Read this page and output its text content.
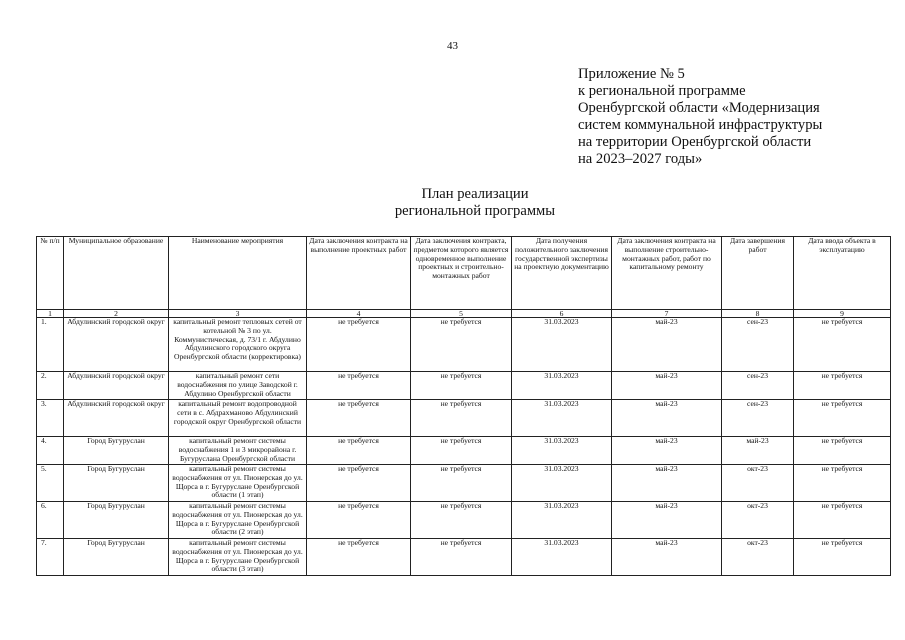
43
Приложение № 5
к региональной программе
Оренбургской области «Модернизация
систем коммунальной инфраструктуры
на территории Оренбургской области
на 2023–2027 годы»
План реализации
региональной программы
№ п/п	Муниципальное образование	Наименование мероприятия	Дата заключения контракта на выполнение проектных работ	Дата заключения контракта, предметом которого является одновременное выполнение проектных и строительно-монтажных работ	Дата получения положительного заключения государственной экспертизы на проектную документацию	Дата заключения контракта на выполнение строительно-монтажных работ, работ по капитальному ремонту	Дата завершения работ	Дата ввода объекта в эксплуатацию
1	2	3	4	5	6	7	8	9
1.	Абдулинский городской округ	капитальный ремонт тепловых сетей от котельной № 3 по ул. Коммунистическая, д. 73/1 г. Абдулино Абдулинского городского округа Оренбургской области (корректировка)	не требуется	не требуется	31.03.2023	май-23	сен-23	не требуется
2.	Абдулинский городской округ	капитальный ремонт сети водоснабжения по улице Заводской г. Абдулино Оренбургской области	не требуется	не требуется	31.03.2023	май-23	сен-23	не требуется
3.	Абдулинский городской округ	капитальный ремонт водопроводной сети в с. Абдрахманово Абдулинский городской округ Оренбургской области	не требуется	не требуется	31.03.2023	май-23	сен-23	не требуется
4.	Город Бугуруслан	капитальный ремонт системы водоснабжения 1 и 3 микрорайона г. Бугуруслана Оренбургской области	не требуется	не требуется	31.03.2023	май-23	май-23	не требуется
5.	Город Бугуруслан	капитальный ремонт системы водоснабжения от ул. Пионерская до ул. Щорса в г. Бугуруслане Оренбургской области (1 этап)	не требуется	не требуется	31.03.2023	май-23	окт-23	не требуется
6.	Город Бугуруслан	капитальный ремонт системы водоснабжения от ул. Пионерская до ул. Щорса в г. Бугуруслане Оренбургской области (2 этап)	не требуется	не требуется	31.03.2023	май-23	окт-23	не требуется
7.	Город Бугуруслан	капитальный ремонт системы водоснабжения от ул. Пионерская до ул. Щорса в г. Бугуруслане Оренбургской области (3 этап)	не требуется	не требуется	31.03.2023	май-23	окт-23	не требуется
